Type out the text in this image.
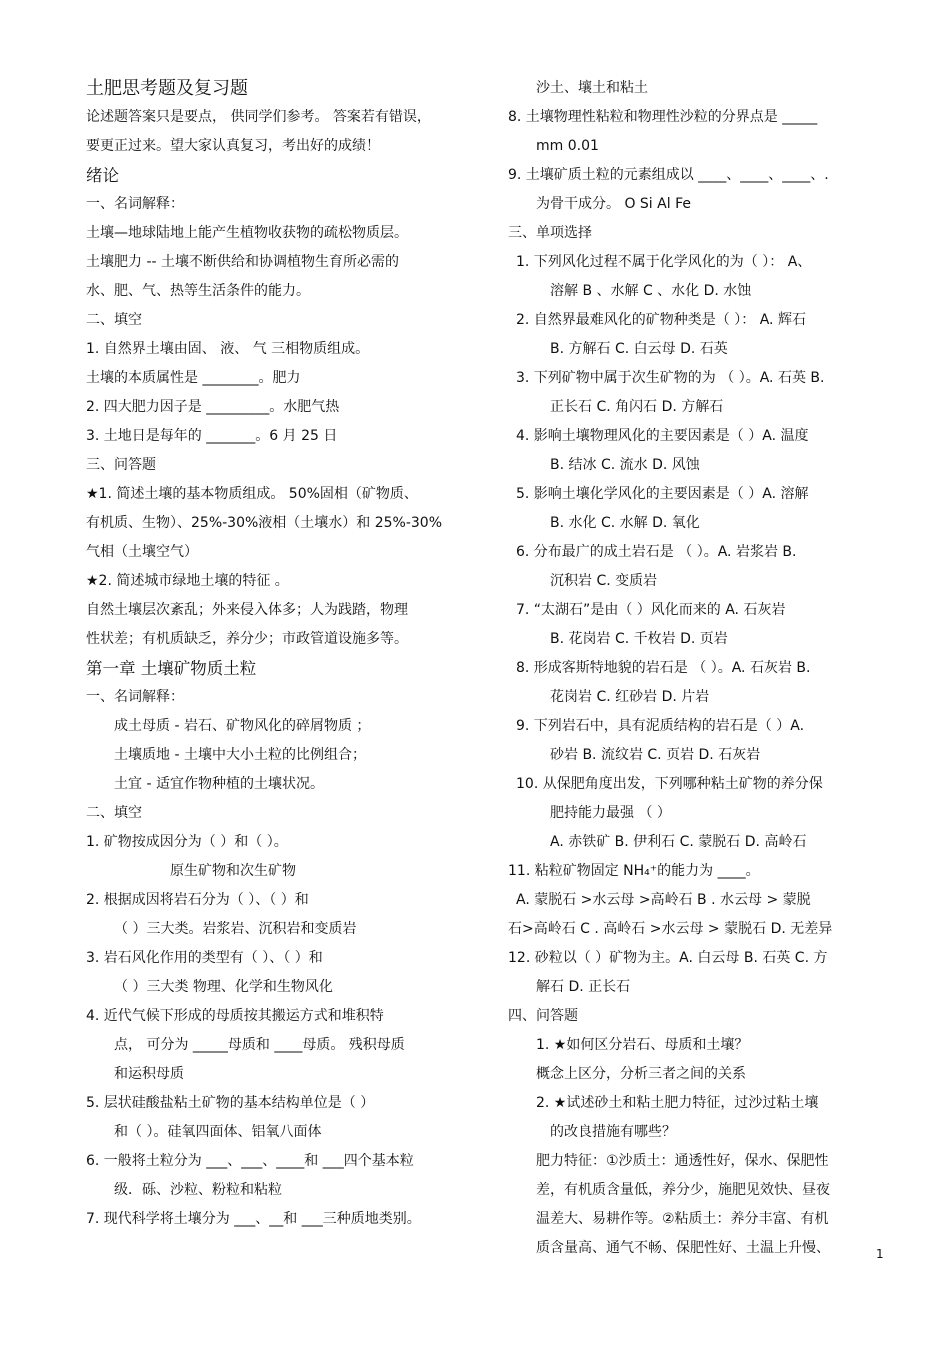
土肥思考题及复习题
论述题答案只是要点， 供同学们参考。 答案若有错误，
要更正过来。望大家认真复习，考出好的成绩！
绪论
一、名词解释：
土壤—地球陆地上能产生植物收获物的疏松物质层。
土壤肥力 -- 土壤不断供给和协调植物生育所必需的
水、肥、气、热等生活条件的能力。
二、填空
1. 自然界土壤由固、 液、 气 三相物质组成。
土壤的本质属性是 ________。肥力
2. 四大肥力因子是 _________。水肥气热
3. 土地日是每年的 _______。6 月 25 日
三、问答题
★1. 简述土壤的基本物质组成。 50%固相（矿物质、
有机质、生物）、25%-30%液相（土壤水）和 25%-30%
气相（土壤空气）
★2. 简述城市绿地土壤的特征 。
自然土壤层次紊乱；外来侵入体多；人为践踏，物理
性状差；有机质缺乏，养分少；市政管道设施多等。
第一章 土壤矿物质土粒
一、名词解释：
成土母质 - 岩石、矿物风化的碎屑物质 ；
土壤质地 - 土壤中大小土粒的比例组合；
土宜 - 适宜作物种植的土壤状况。
二、填空
1. 矿物按成因分为（ ）和（ ）。
原生矿物和次生矿物
2. 根据成因将岩石分为（ ）、（ ）和
（ ）三大类。岩浆岩、沉积岩和变质岩
3. 岩石风化作用的类型有（ ）、（ ）和
（ ）三大类 物理、化学和生物风化
4. 近代气候下形成的母质按其搬运方式和堆积特
点， 可分为 _____母质和 ____母质。 残积母质
和运积母质
5. 层状硅酸盐粘土矿物的基本结构单位是（ ）
和（ ）。硅氧四面体、铝氧八面体
6. 一般将土粒分为 ___、___、____和 ___四个基本粒
级．砾、沙粒、粉粒和粘粒
7. 现代科学将土壤分为 ___、__和 ___三种质地类别。
沙土、壤土和粘土
8. 土壤物理性粘粒和物理性沙粒的分界点是 _____
mm 0.01
9. 土壤矿质土粒的元素组成以 ____、____、____、.
为骨干成分。 O Si Al Fe
三、单项选择
1. 下列风化过程不属于化学风化的为（ ）： A、
溶解 B 、水解 C 、水化 D. 水蚀
2. 自然界最难风化的矿物种类是（ ）： A. 辉石
B. 方解石 C. 白云母 D. 石英
3. 下列矿物中属于次生矿物的为 （ ）。A. 石英 B.
正长石 C. 角闪石 D. 方解石
4. 影响土壤物理风化的主要因素是（ ）A. 温度
B. 结冰 C. 流水 D. 风蚀
5. 影响土壤化学风化的主要因素是（ ）A. 溶解
B. 水化 C. 水解 D. 氧化
6. 分布最广的成土岩石是 （ ）。A. 岩浆岩 B.
沉积岩 C. 变质岩
7. “太湖石”是由（ ）风化而来的 A. 石灰岩
B. 花岗岩 C. 千枚岩 D. 页岩
8. 形成客斯特地貌的岩石是 （ ）。A. 石灰岩 B.
花岗岩 C. 红砂岩 D. 片岩
9. 下列岩石中，具有泥质结构的岩石是（ ）A.
砂岩 B. 流纹岩 C. 页岩 D. 石灰岩
10. 从保肥角度出发，下列哪种粘土矿物的养分保
肥持能力最强 （ ）
A. 赤铁矿 B. 伊利石 C. 蒙脱石 D. 高岭石
11. 粘粒矿物固定 NH₄⁺的能力为 ____。
A. 蒙脱石 >水云母 >高岭石 B . 水云母 > 蒙脱
石>高岭石 C . 高岭石 >水云母 > 蒙脱石 D. 无差异
12. 砂粒以（ ）矿物为主。A. 白云母 B. 石英 C. 方
解石 D. 正长石
四、问答题
1. ★如何区分岩石、母质和土壤？
概念上区分，分析三者之间的关系
2. ★试述砂土和粘土肥力特征，过沙过粘土壤
的改良措施有哪些？
肥力特征：①沙质土：通透性好，保水、保肥性
差，有机质含量低，养分少，施肥见效快、昼夜
温差大、易耕作等。②粘质土：养分丰富、有机
质含量高、通气不畅、保肥性好、土温上升慢、	1
